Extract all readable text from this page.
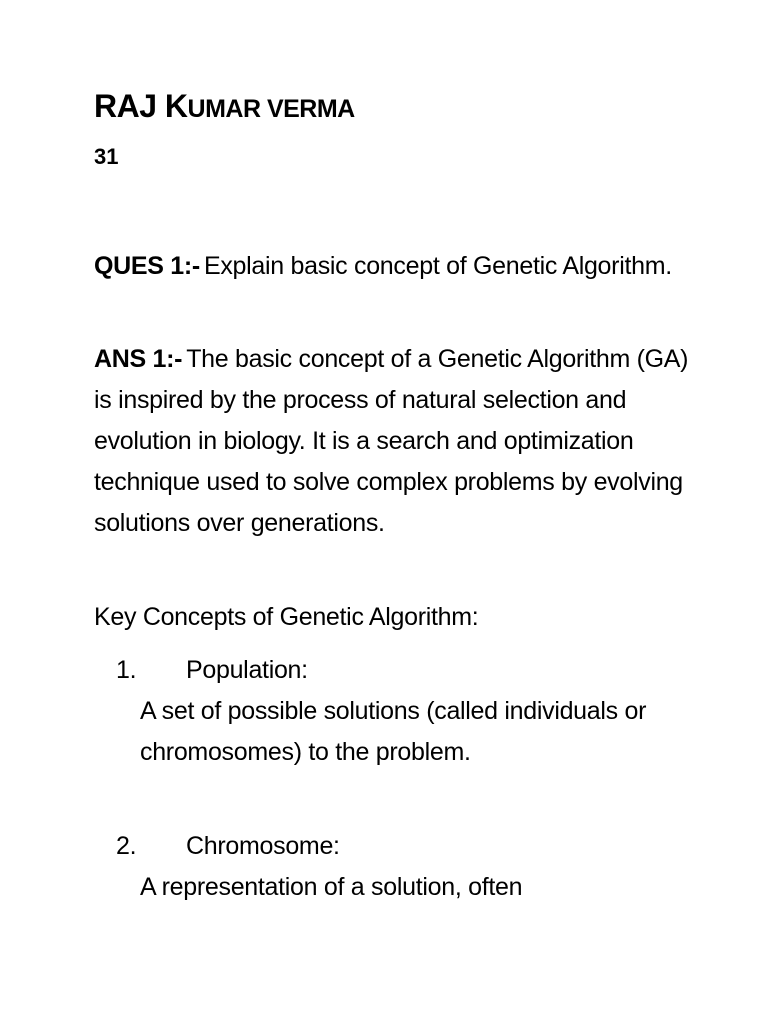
RAJ KUMAR VERMA
31
QUES 1:- Explain basic concept of Genetic Algorithm.
ANS 1:- The basic concept of a Genetic Algorithm (GA) is inspired by the process of natural selection and evolution in biology. It is a search and optimization technique used to solve complex problems by evolving solutions over generations.
Key Concepts of Genetic Algorithm:
1. Population:
A set of possible solutions (called individuals or chromosomes) to the problem.
2. Chromosome:
A representation of a solution, often
